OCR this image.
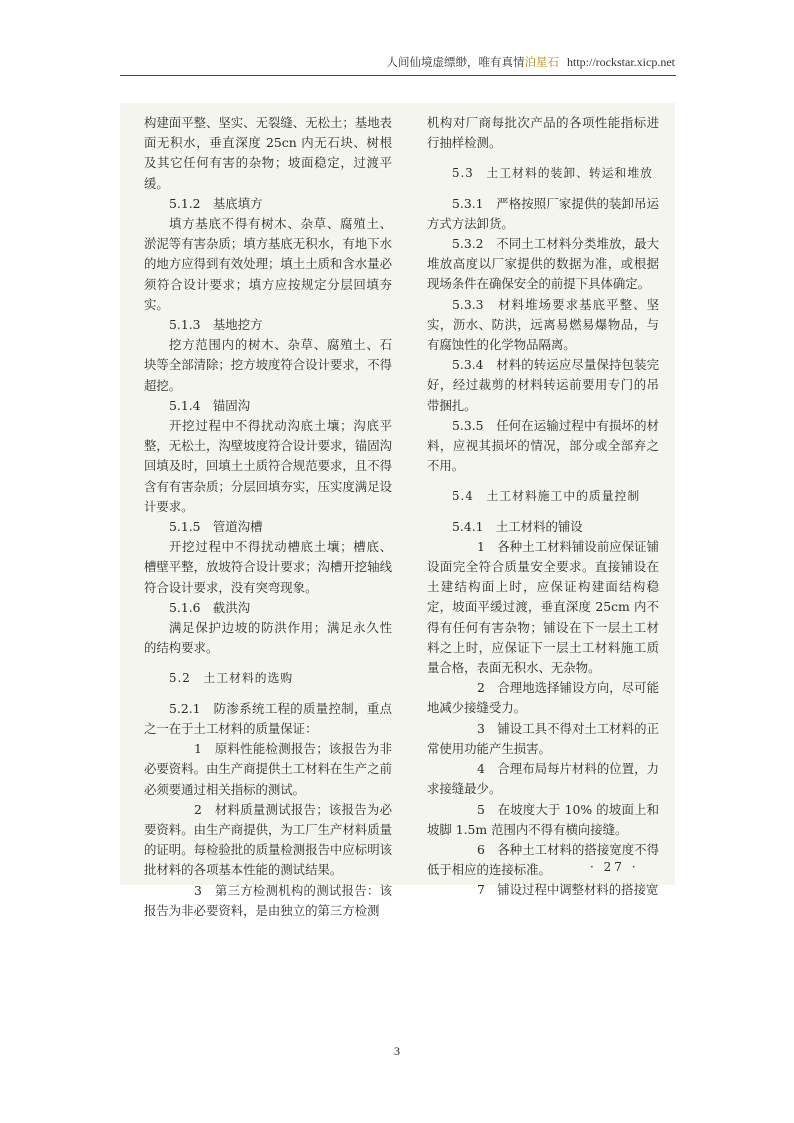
人间仙境虚缥缈，唯有真情泊星石 http://rockstar.xicp.net

构建面平整、坚实、无裂缝、无松土；基地表面无积水，垂直深度 25cn 内无石块、树根及其它任何有害的杂物；坡面稳定，过渡平缓。

5.1.2　基底填方

填方基底不得有树木、杂草、腐殖土、淤泥等有害杂质；填方基底无积水，有地下水的地方应得到有效处理；填土土质和含水量必须符合设计要求；填方应按规定分层回填夯实。

5.1.3　基地挖方

挖方范围内的树木、杂草、腐殖土、石块等全部清除；挖方坡度符合设计要求，不得超挖。

5.1.4　锚固沟

开挖过程中不得扰动沟底土壤；沟底平整，无松土，沟壁坡度符合设计要求，锚固沟回填及时，回填土土质符合规范要求，且不得含有有害杂质；分层回填夯实，压实度满足设计要求。

5.1.5　管道沟槽

开挖过程中不得扰动槽底土壤；槽底、槽壁平整，放坡符合设计要求；沟槽开挖轴线符合设计要求，没有突弯现象。

5.1.6　截洪沟

满足保护边坡的防洪作用；满足永久性的结构要求。

5.2　土工材料的选购

5.2.1　防渗系统工程的质量控制，重点之一在于土工材料的质量保证：

1　原料性能检测报告；该报告为非必要资料。由生产商提供土工材料在生产之前必须要通过相关指标的测试。

2　材料质量测试报告；该报告为必要资料。由生产商提供，为工厂生产材料质量的证明。每检验批的质量检测报告中应标明该批材料的各项基本性能的测试结果。

3　第三方检测机构的测试报告：该报告为非必要资料，是由独立的第三方检测

机构对厂商每批次产品的各项性能指标进行抽样检测。

5.3　土工材料的装卸、转运和堆放

5.3.1　严格按照厂家提供的装卸吊运方式方法卸货。

5.3.2　不同土工材料分类堆放，最大堆放高度以厂家提供的数据为准，或根据现场条件在确保安全的前提下具体确定。

5.3.3　材料堆场要求基底平整、坚实，沥水、防洪，远离易燃易爆物品，与有腐蚀性的化学物品隔离。

5.3.4　材料的转运应尽量保持包装完好，经过裁剪的材料转运前要用专门的吊带捆扎。

5.3.5　任何在运输过程中有损坏的材料，应视其损坏的情况，部分或全部弃之不用。

5.4　土工材料施工中的质量控制

5.4.1　土工材料的铺设

1　各种土工材料铺设前应保证铺设面完全符合质量安全要求。直接铺设在土建结构面上时，应保证构建面结构稳定，坡面平缓过渡，垂直深度 25cm 内不得有任何有害杂物；铺设在下一层土工材料之上时，应保证下一层土工材料施工质量合格，表面无积水、无杂物。

2　合理地选择铺设方向，尽可能地减少接缝受力。

3　铺设工具不得对土工材料的正常使用功能产生损害。

4　合理布局每片材料的位置，力求接缝最少。

5　在坡度大于 10% 的坡面上和坡脚 1.5m 范围内不得有横向接缝。

6　各种土工材料的搭接宽度不得低于相应的连接标准。

7　铺设过程中调整材料的搭接宽

· 27 ·
3
